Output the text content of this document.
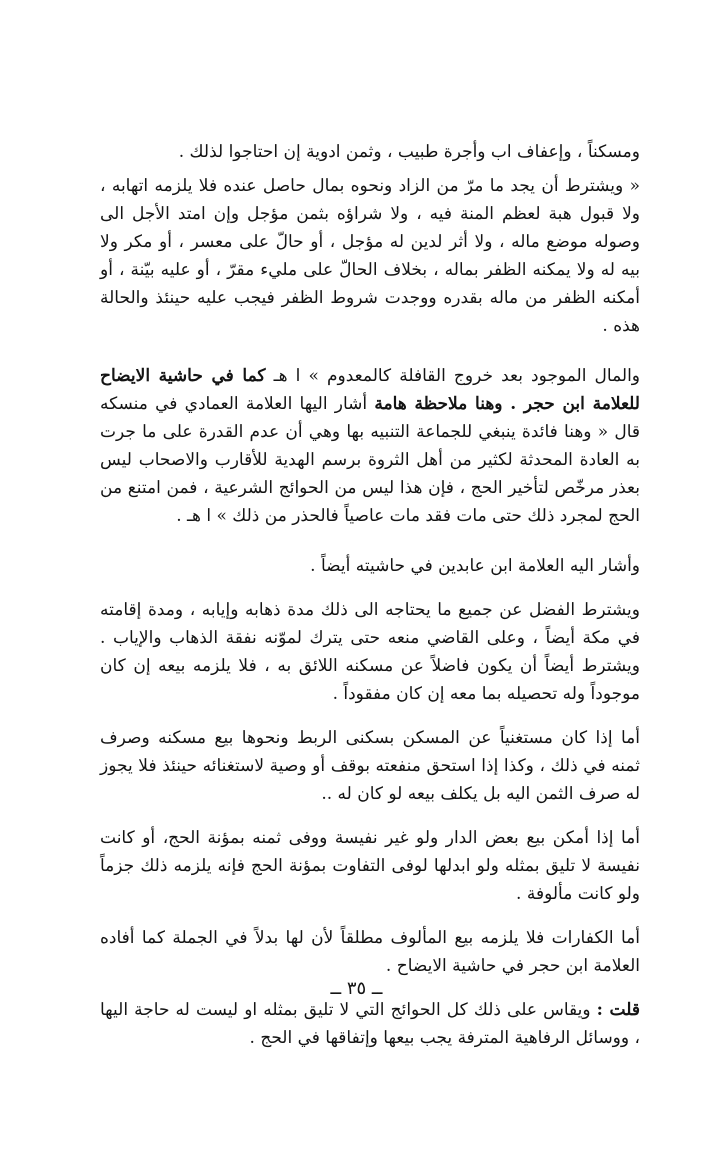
ومسكناً ، وإعفاف اب وأجرة طبيب ، وثمن ادوية إن احتاجوا لذلك .

« ويشترط أن يجد ما مرّ من الزاد ونحوه بمال حاصل عنده فلا يلزمه اتهابه ، ولا قبول هبة لعظم المنة فيه ، ولا شراؤه بثمن مؤجل وإن امتد الأجل الى وصوله موضع ماله ، ولا أثر لدين له مؤجل ، أو حالّ على معسر ، أو مكر ولا بيه له ولا يمكنه الظفر بماله ، بخلاف الحالّ على مليء مقرّ ، أو عليه بيّنة ، أو أمكنه الظفر من ماله بقدره ووجدت شروط الظفر فيجب عليه حينئذ والحالة هذه .

والمال الموجود بعد خروج القافلة كالمعدوم » ا هـ كما في حاشية الايضاح للعلامة ابن حجر . وهنا ملاحظة هامة أشار اليها العلامة العمادي في منسكه قال « وهنا فائدة ينبغي للجماعة التنبيه بها وهي أن عدم القدرة على ما جرت به العادة المحدثة لكثير من أهل الثروة برسم الهدية للأقارب والاصحاب ليس بعذر مرخّص لتأخير الحج ، فإن هذا ليس من الحوائج الشرعية ، فمن امتنع من الحج لمجرد ذلك حتى مات فقد مات عاصياً فالحذر من ذلك » ا هـ .

وأشار اليه العلامة ابن عابدين في حاشيته أيضاً .

ويشترط الفضل عن جميع ما يحتاجه الى ذلك مدة ذهابه وإيابه ، ومدة إقامته في مكة أيضاً ، وعلى القاضي منعه حتى يترك لموّنه نفقة الذهاب والإياب . ويشترط أيضاً أن يكون فاضلاً عن مسكنه اللائق به ، فلا يلزمه بيعه إن كان موجوداً وله تحصيله بما معه إن كان مفقوداً .

أما إذا كان مستغنياً عن المسكن بسكنى الربط ونحوها بيع مسكنه وصرف ثمنه في ذلك ، وكذا إذا استحق منفعته بوقف أو وصية لاستغنائه حينئذ فلا يجوز له صرف الثمن اليه بل يكلف بيعه لو كان له ..

أما إذا أمكن بيع بعض الدار ولو غير نفيسة ووفى ثمنه بمؤنة الحج، أو كانت نفيسة لا تليق بمثله ولو ابدلها لوفى التفاوت بمؤنة الحج فإنه يلزمه ذلك جزماً ولو كانت مألوفة .

أما الكفارات فلا يلزمه بيع المألوف مطلقاً لأن لها بدلاً في الجملة كما أفاده العلامة ابن حجر في حاشية الايضاح .

قلت : ويقاس على ذلك كل الحوائج التي لا تليق بمثله او ليست له حاجة اليها ، ووسائل الرفاهية المترفة يجب بيعها وإتفاقها في الحج .

ــ ٣٥ ــ
